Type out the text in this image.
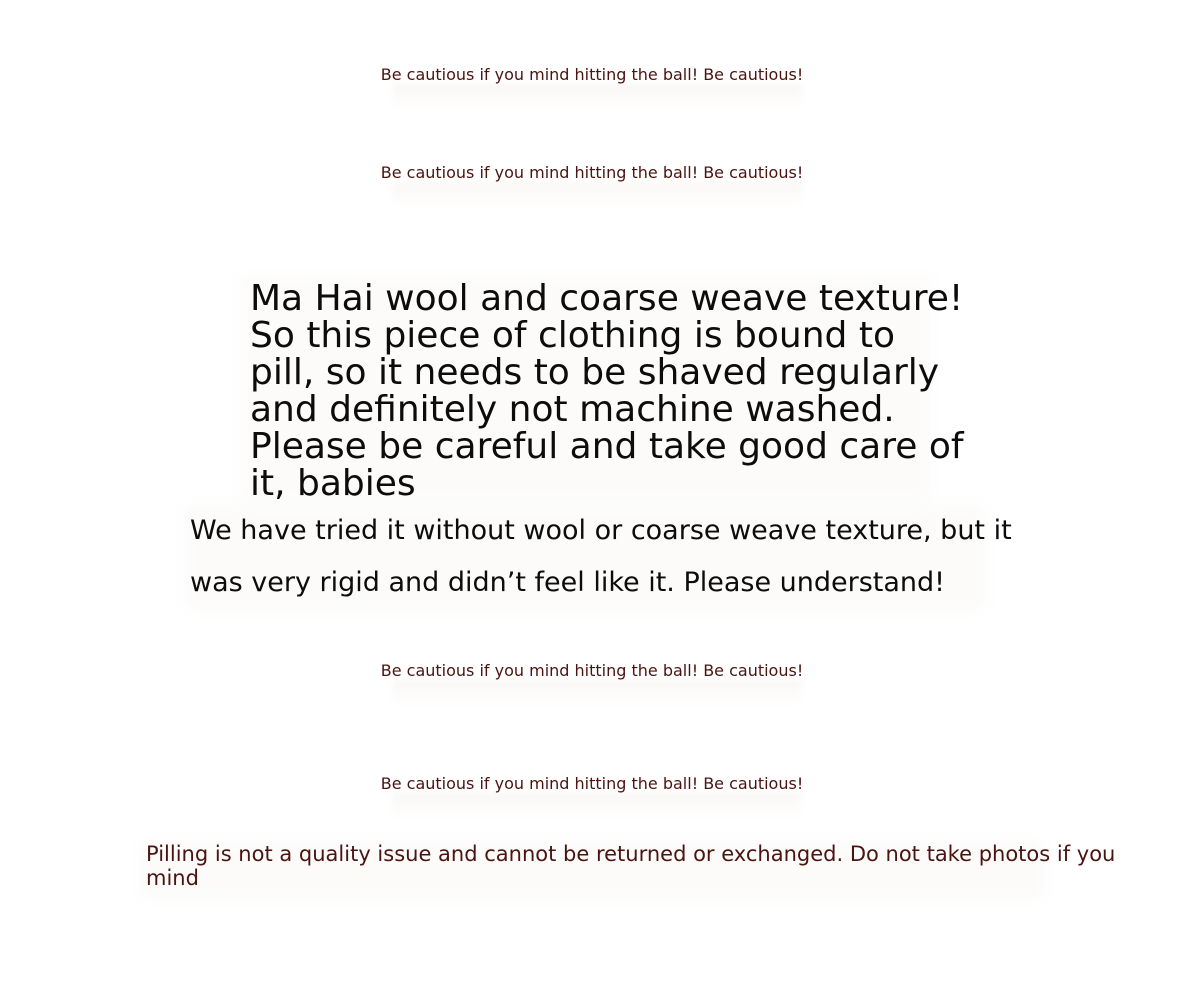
Be cautious if you mind hitting the ball! Be cautious!
Be cautious if you mind hitting the ball! Be cautious!
Ma Hai wool and coarse weave texture!
So this piece of clothing is bound to
pill, so it needs to be shaved regularly
and definitely not machine washed.
Please be careful and take good care of
it, babies
We have tried it without wool or coarse weave texture, but it
was very rigid and didn’t feel like it. Please understand!
Be cautious if you mind hitting the ball! Be cautious!
Be cautious if you mind hitting the ball! Be cautious!
Pilling is not a quality issue and cannot be returned or exchanged. Do not take photos if you
mind
